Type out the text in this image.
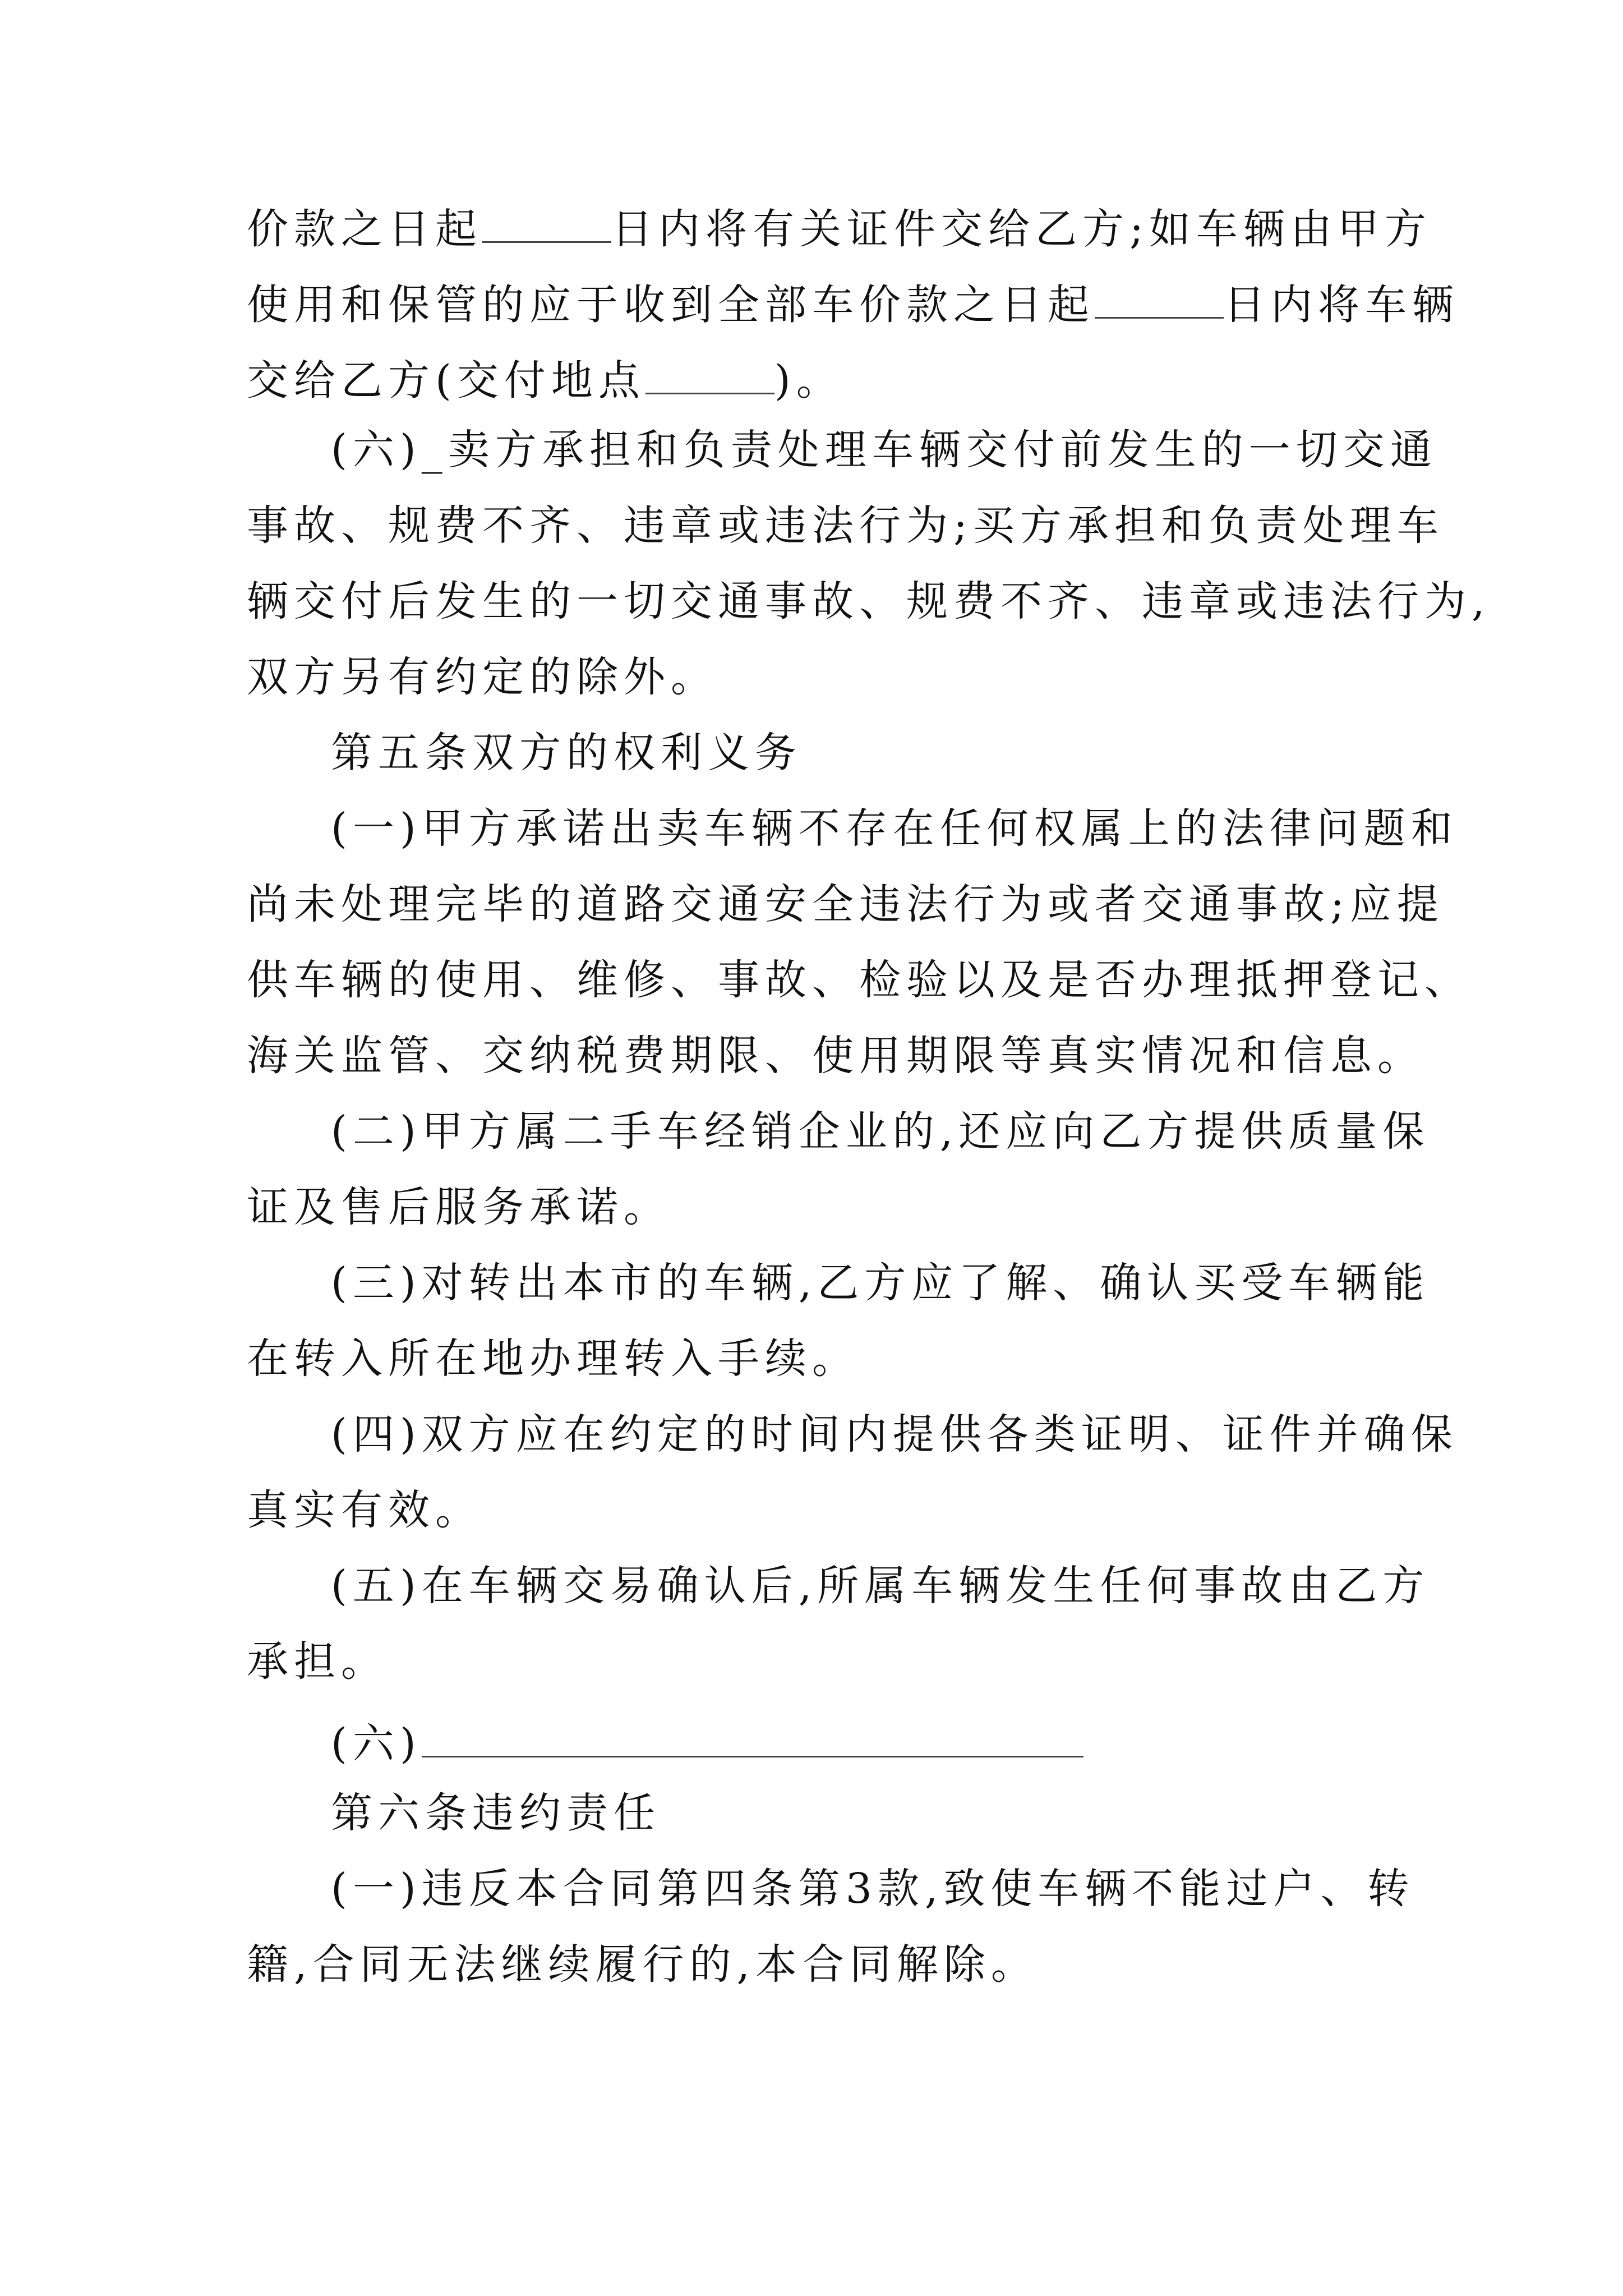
价款之日起	日内将有关证件交给乙方;如车辆由甲方
使用和保管的应于收到全部车价款之日起	日内将车辆
交给乙方(交付地点	)。
(六)_卖方承担和负责处理车辆交付前发生的一切交通
事故、规费不齐、违章或违法行为;买方承担和负责处理车
辆交付后发生的一切交通事故、规费不齐、违章或违法行为,
双方另有约定的除外。
第五条双方的权利义务
(一)甲方承诺出卖车辆不存在任何权属上的法律问题和
尚未处理完毕的道路交通安全违法行为或者交通事故;应提
供车辆的使用、维修、事故、检验以及是否办理抵押登记、
海关监管、交纳税费期限、使用期限等真实情况和信息。
(二)甲方属二手车经销企业的,还应向乙方提供质量保
证及售后服务承诺。
(三)对转出本市的车辆,乙方应了解、确认买受车辆能
在转入所在地办理转入手续。
(四)双方应在约定的时间内提供各类证明、证件并确保
真实有效。
(五)在车辆交易确认后,所属车辆发生任何事故由乙方
承担。
(六)
第六条违约责任
(一)违反本合同第四条第3款,致使车辆不能过户、转
籍,合同无法继续履行的,本合同解除。
